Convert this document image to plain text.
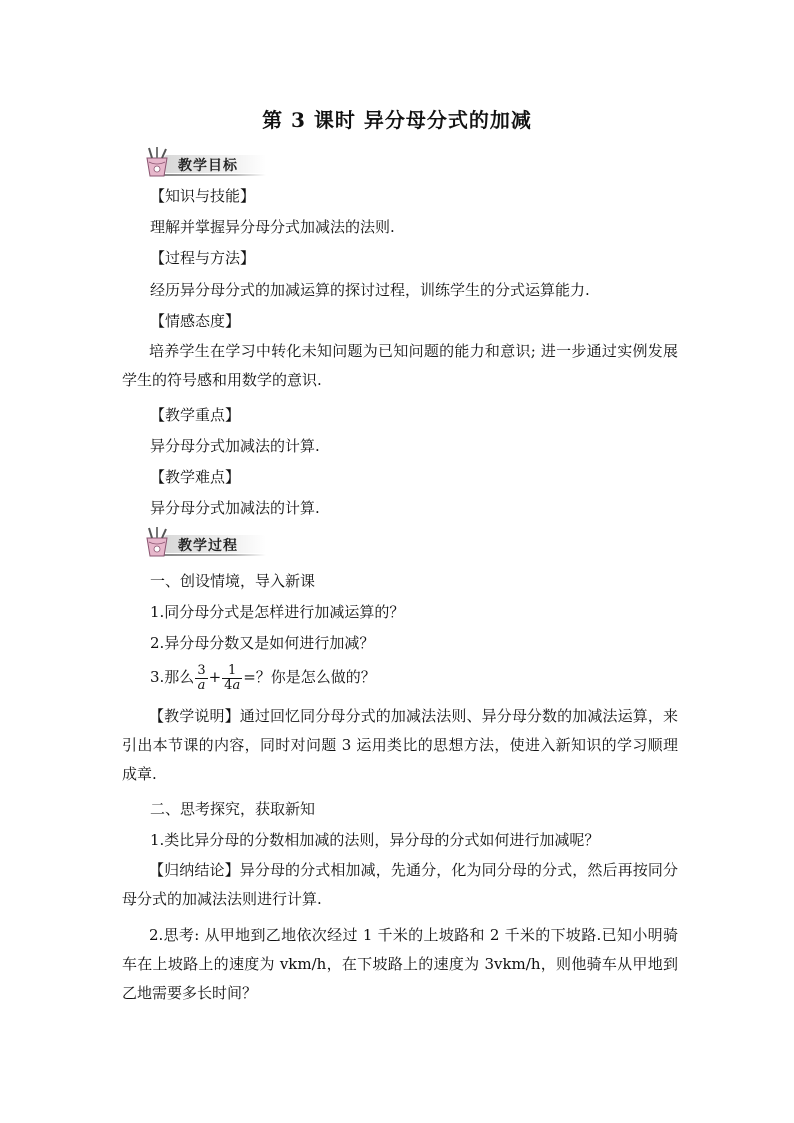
第 3 课时 异分母分式的加减
教学目标
【知识与技能】
理解并掌握异分母分式加减法的法则.
【过程与方法】
经历异分母分式的加减运算的探讨过程，训练学生的分式运算能力.
【情感态度】
培养学生在学习中转化未知问题为已知问题的能力和意识; 进一步通过实例发展学生的符号感和用数学的意识.
【教学重点】
异分母分式加减法的计算.
【教学难点】
异分母分式加减法的计算.
教学过程
一、创设情境，导入新课
1.同分母分式是怎样进行加减运算的？
2.异分母分数又是如何进行加减？
3.那么 $\frac{3}{a} + \frac{1}{4a}$ =？你是怎么做的？
【教学说明】通过回忆同分母分式的加减法法则、异分母分数的加减法运算，来引出本节课的内容，同时对问题 3 运用类比的思想方法，使进入新知识的学习顺理成章.
二、思考探究，获取新知
1.类比异分母的分数相加减的法则，异分母的分式如何进行加减呢？
【归纳结论】异分母的分式相加减，先通分，化为同分母的分式，然后再按同分母分式的加减法法则进行计算.
2.思考: 从甲地到乙地依次经过 1 千米的上坡路和 2 千米的下坡路.已知小明骑车在上坡路上的速度为 vkm/h，在下坡路上的速度为 3vkm/h，则他骑车从甲地到乙地需要多长时间？
